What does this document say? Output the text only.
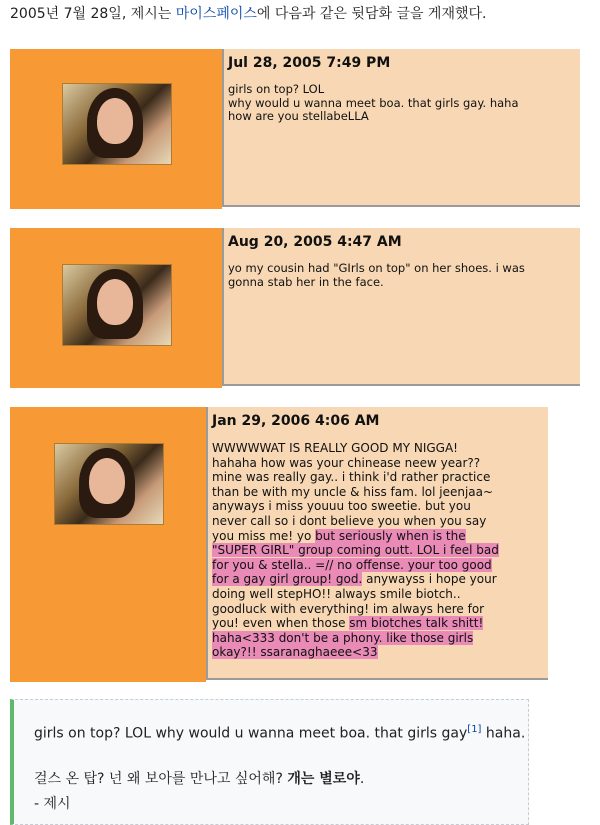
2005년 7월 28일, 제시는 마이스페이스에 다음과 같은 뒷담화 글을 게재했다.
Jul 28, 2005 7:49 PM
girls on top? LOL
why would u wanna meet boa. that girls gay. haha
how are you stellabeLLA
Aug 20, 2005 4:47 AM
yo my cousin had "GIrls on top" on her shoes. i was
gonna stab her in the face.
Jan 29, 2006 4:06 AM
WWWWWAT IS REALLY GOOD MY NIGGA!
hahaha how was your chinease neew year??
mine was really gay.. i think i'd rather practice
than be with my uncle & hiss fam. lol jeenjaa~
anyways i miss youuu too sweetie. but you
never call so i dont believe you when you say
you miss me! yo but seriously when is the
"SUPER GIRL" group coming outt. LOL i feel bad
for you & stella.. =// no offense. your too good
for a gay girl group! god. anywayss i hope your
doing well stepHO!! always smile biotch..
goodluck with everything! im always here for
you! even when those sm biotches talk shitt!
haha<333 don't be a phony. like those girls
okay?!! ssaranaghaeee<33
girls on top? LOL why would u wanna meet boa. that girls gay[1] haha.
걸스 온 탑? 넌 왜 보아를 만나고 싶어해? 개는 별로야.
- 제시
